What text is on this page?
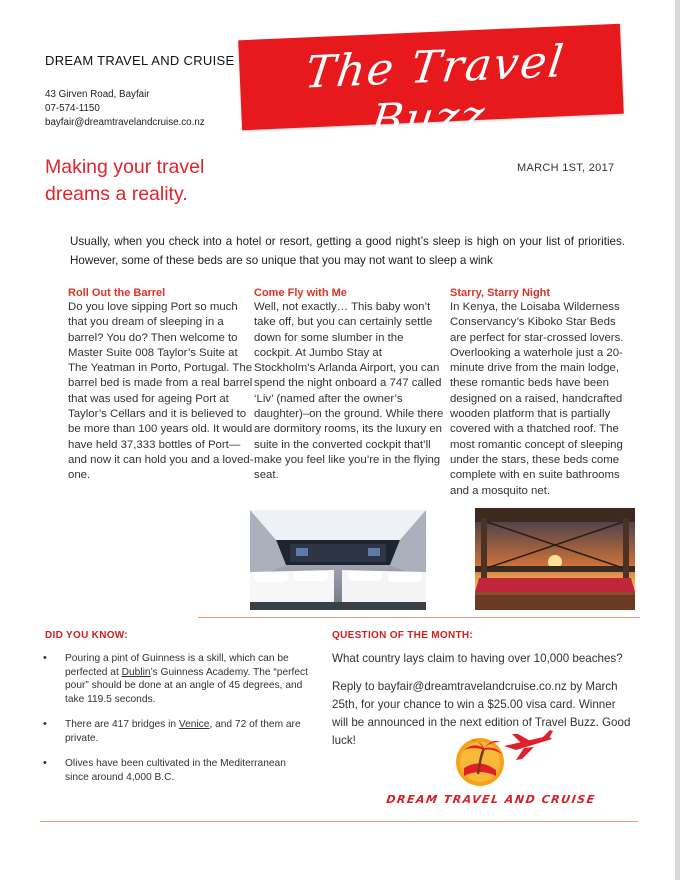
DREAM TRAVEL AND CRUISE
43 Girven Road, Bayfair
07-574-1150
bayfair@dreamtravelandcruise.co.nz
The Travel Buzz
Making your travel
dreams a reality.
MARCH 1ST, 2017
Usually, when you check into a hotel or resort, getting a good night’s sleep is high on your list of priorities. However, some of these beds are so unique that you may not want to sleep a wink
Roll Out the Barrel

Do you love sipping Port so much that you dream of sleeping in a barrel? You do? Then welcome to Master Suite 008 Taylor’s Suite at The Yeatman in Porto, Portugal. The barrel bed is made from a real barrel that was used for ageing Port at Taylor’s Cellars and it is believed to be more than 100 years old. It would have held 37,333 bottles of Port—and now it can hold you and a loved-one.

Come Fly with Me

Well, not exactly… This baby won’t take off, but you can certainly settle down for some slumber in the cockpit. At Jumbo Stay at Stockholm’s Arlanda Airport, you can spend the night onboard a 747 called ‘Liv’ (named after the owner’s daughter)–on the ground. While there are dormitory rooms, its the luxury en suite in the converted cockpit that’ll make you feel like you’re in the flying seat.

Starry, Starry Night

In Kenya, the Loisaba Wilderness Conservancy’s Kiboko Star Beds are perfect for star-crossed lovers. Overlooking a waterhole just a 20-minute drive from the main lodge, these romantic beds have been designed on a raised, handcrafted wooden platform that is partially covered with a thatched roof. The most romantic concept of sleeping under the stars, these beds come complete with en suite bathrooms and a mosquito net.

DID YOU KNOW:
• Pouring a pint of Guinness is a skill, which can be perfected at Dublin’s Guinness Academy. The “perfect pour” should be done at an angle of 45 degrees, and take 119.5 seconds.
• There are 417 bridges in Venice, and 72 of them are private.
• Olives have been cultivated in the Mediterranean since around 4,000 B.C.
QUESTION OF THE MONTH:

What country lays claim to having over 10,000 beaches?

Reply to bayfair@dreamtravelandcruise.co.nz by March 25th, for your chance to win a $25.00 visa card. Winner will be announced in the next edition of Travel Buzz. Good luck!

DREAM TRAVEL AND CRUISE
